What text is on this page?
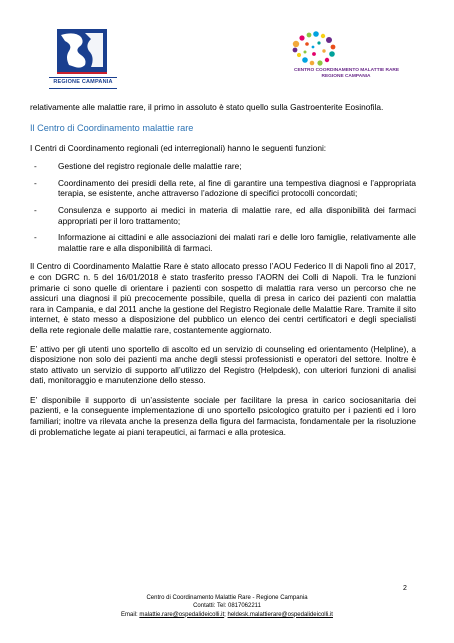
REGIONE CAMPANIA
CENTRO COORDINAMENTO MALATTIE RARE
REGIONE CAMPANIA

relativamente alle malattie rare, il primo in assoluto è stato quello sulla Gastroenterite Eosinofila.

Il Centro di Coordinamento malattie rare

I Centri di Coordinamento regionali (ed interregionali) hanno le seguenti funzioni:

-	Gestione del registro regionale delle malattie rare;
-	Coordinamento dei presidi della rete, al fine di garantire una tempestiva diagnosi e l’appropriata terapia, se esistente, anche attraverso l’adozione di specifici protocolli concordati;
-	Consulenza e supporto ai medici in materia di malattie rare, ed alla disponibilità dei farmaci appropriati per il loro trattamento;
-	Informazione ai cittadini e alle associazioni dei malati rari e delle loro famiglie, relativamente alle malattie rare e alla disponibilità di farmaci.

Il Centro di Coordinamento Malattie Rare è stato allocato presso l’AOU Federico II di Napoli fino al 2017, e con DGRC n. 5 del 16/01/2018 è stato trasferito presso l’AORN dei Colli di Napoli. Tra le funzioni primarie ci sono quelle di orientare i pazienti con sospetto di malattia rara verso un percorso che ne assicuri una diagnosi il più precocemente possibile, quella di presa in carico dei pazienti con malattia rara in Campania, e dal 2011 anche la gestione del Registro Regionale delle Malattie Rare. Tramite il sito internet, è stato messo a disposizione del pubblico un elenco dei centri certificatori e degli specialisti della rete regionale delle malattie rare, costantemente aggiornato.

E’ attivo per gli utenti uno sportello di ascolto ed un servizio di counseling ed orientamento (Helpline), a disposizione non solo dei pazienti ma anche degli stessi professionisti e operatori del settore. Inoltre è stato attivato un servizio di supporto all’utilizzo del Registro (Helpdesk), con ulteriori funzioni di analisi dati, monitoraggio e manutenzione dello stesso.

E’ disponibile il supporto di un’assistente sociale per facilitare la presa in carico sociosanitaria dei pazienti, e la conseguente implementazione di uno sportello psicologico gratuito per i pazienti ed i loro familiari; inoltre va rilevata anche la presenza della figura del farmacista, fondamentale per la risoluzione di problematiche legate ai piani terapeutici, ai farmaci e alla protesica.

2
Centro di Coordinamento Malattie Rare - Regione Campania
Contatti: Tel: 0817062211
Email: malattie.rare@ospedalideicolli.it; heldesk.malattierare@ospedalideicolli.it
